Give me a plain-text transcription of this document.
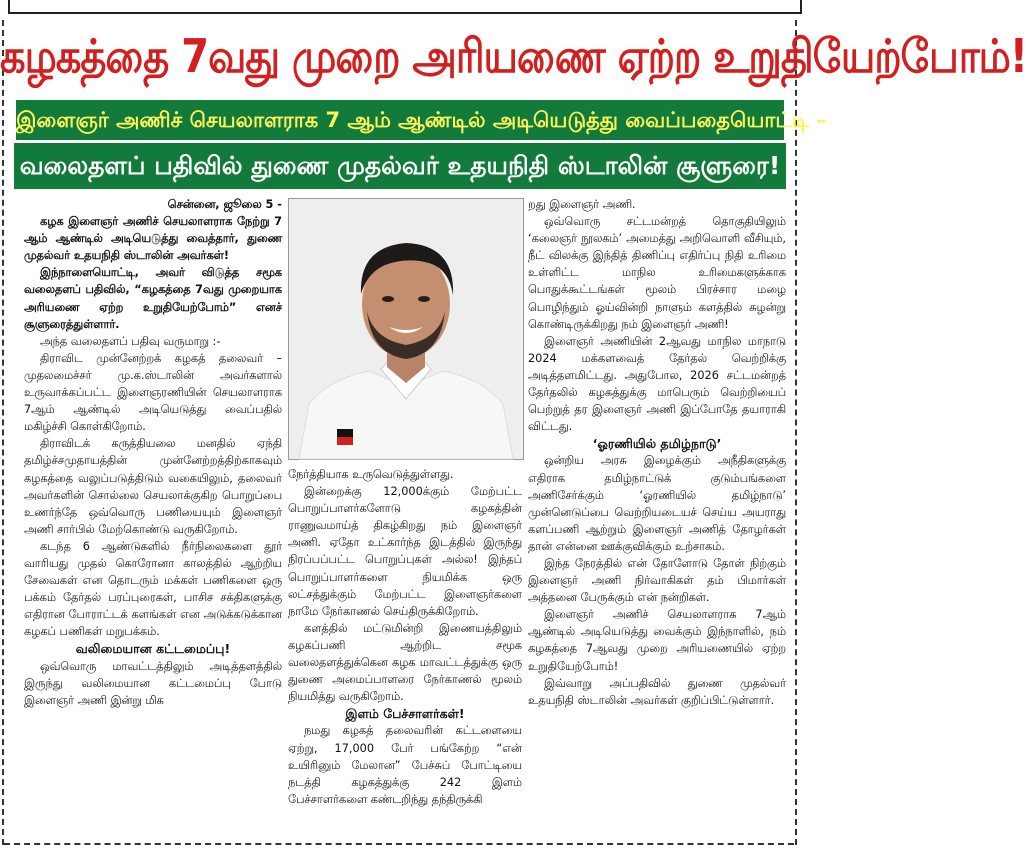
கழகத்தை 7வது முறை அரியணை ஏற்ற உறுதியேற்போம்!
இளைஞர் அணிச் செயலாளராக 7 ஆம் ஆண்டில் அடியெடுத்து வைப்பதையொட்டி –
வலைதளப் பதிவில் துணை முதல்வர் உதயநிதி ஸ்டாலின் சூளுரை!

சென்னை, ஜூலை 5 -

கழக இளைஞர் அணிச் செயலாளராக நேற்று 7 ஆம் ஆண்டில் அடியெடுத்து வைத்தார், துணை முதல்வர் உதயநிதி ஸ்டாலின் அவர்கள்!

இந்நாளையொட்டி, அவர் விடுத்த சமூக வலைதளப் பதிவில், “கழகத்தை 7வது முறையாக அரியணை ஏற்ற உறுதியேற்போம்” எனச் சூளுரைத்துள்ளார்.

அந்த வலைதளப் பதிவு வருமாறு :-

திராவிட முன்னேற்றக் கழகத் தலைவர் – முதலமைச்சர் மு.க.ஸ்டாலின் அவர்களால் உருவாக்கப்பட்ட இளைஞரணியின் செயலாளராக 7ஆம் ஆண்டில் அடியெடுத்து வைப்பதில் மகிழ்ச்சி கொள்கிறோம்.

திராவிடக் கருத்தியலை மனதில் ஏந்தி தமிழ்ச்சமுதாயத்தின் முன்னேற்றத்திற்காகவும் கழகத்தை வலுப்படுத்திடும் வகையிலும், தலைவர் அவர்களின் சொல்லை செயலாக்குகிற பொறுப்பை உணர்ந்தே ஒவ்வொரு பணியையும் இளைஞர் அணி சார்பில் மேற்கொண்டு வருகிறோம்.

கடந்த 6 ஆண்டுகளில் நீர்நிலைகளை தூர் வாரியது முதல் கொரோனா காலத்தில் ஆற்றிய சேவைகள் என தொடரும் மக்கள் பணிகளை ஒரு பக்கம் தேர்தல் பரப்புரைகள், பாசிச சக்திகளுக்கு எதிரான போராட்டக் களங்கள் என அடுக்கடுக்கான கழகப் பணிகள் மறுபக்கம்.

வலிமையான கட்டமைப்பு!

ஒவ்வொரு மாவட்டத்திலும் அடித்தளத்தில் இருந்து வலிமையான கட்டமைப்பு போடு இளைஞர் அணி இன்று மிக

நேர்த்தியாக உருவெடுத்துள்ளது.

இன்றைக்கு 12,000க்கும் மேற்பட்ட பொறுப்பாளர்களோடு கழகத்தின் ராணுவமாய்த் திகழ்கிறது நம் இளைஞர் அணி. ஏதோ உட்கார்ந்த இடத்தில் இருந்து நிரப்பப்பட்ட பொறுப்புகள் அல்ல! இந்தப் பொறுப்பாளர்களை நியமிக்க ஒரு லட்சத்துக்கும் மேற்பட்ட இளைஞர்களை நாமே நேர்காணல் செய்திருக்கிறோம்.

களத்தில் மட்டுமின்றி இணையத்திலும் கழகப்பணி ஆற்றிட சமூக வலைதளத்துக்கென கழக மாவட்டத்துக்கு ஒரு துணை அமைப்பாளரை நேர்காணல் மூலம் நியமித்து வருகிறோம்.

இளம் பேச்சாளர்கள்!

நமது கழகத் தலைவரின் கட்டளையை ஏற்று, 17,000 பேர் பங்கேற்ற “என் உயிரினும் மேலான” பேச்சுப் போட்டியை நடத்தி கழகத்துக்கு 242 இளம் பேச்சாளர்களை கண்டறிந்து தந்திருக்கி

றது இளைஞர் அணி.

ஒவ்வொரு சட்டமன்றத் தொகுதியிலும் ‘கலைஞர் நூலகம்’ அமைத்து அறிவொளி வீசியும், நீட் விலக்கு இந்தித் திணிப்பு எதிர்ப்பு நிதி உரிமை உள்ளிட்ட மாநில உரிமைகளுக்காக பொதுக்கூட்டங்கள் மூலம் பிரச்சார மழை பொழிந்தும் ஓய்வின்றி நாளும் களத்தில் சுழன்று கொண்டிருக்கிறது நம் இளைஞர் அணி!

இளைஞர் அணியின் 2ஆவது மாநில மாநாடு 2024 மக்களவைத் தேர்தல் வெற்றிக்கு அடித்தளமிட்டது. அதுபோல, 2026 சட்டமன்றத் தேர்தலில் கழகத்துக்கு மாபெரும் வெற்றியைப் பெற்றுத் தர இளைஞர் அணி இப்போதே தயாராகி விட்டது.

‘ஓரணியில் தமிழ்நாடு’

ஒன்றிய அரசு இழைக்கும் அநீதிகளுக்கு எதிராக தமிழ்நாட்டுக் குடும்பங்களை அணிசேர்க்கும் ‘ஓரணியில் தமிழ்நாடு’ முன்னெடுப்பை வெற்றியடையச் செய்ய அயராது களப்பணி ஆற்றும் இளைஞர் அணித் தோழர்கள் தான் என்னை ஊக்குவிக்கும் உற்சாகம்.

இந்த நேரத்தில் என் தோளோடு தோள் நிற்கும் இளைஞர் அணி நிர்வாகிகள் தம் பிமார்கள் அத்தனை பேருக்கும் என் நன்றிகள்.

இளைஞர் அணிச் செயலாளராக 7ஆம் ஆண்டில் அடியெடுத்து வைக்கும் இந்நாளில், நம் கழகத்தை 7ஆவது முறை அரியணையில் ஏற்ற உறுதியேற்போம்!

இவ்வாறு அப்பதிவில் துணை முதல்வர் உதயநிதி ஸ்டாலின் அவர்கள் குறிப்பிட்டுள்ளார்.
